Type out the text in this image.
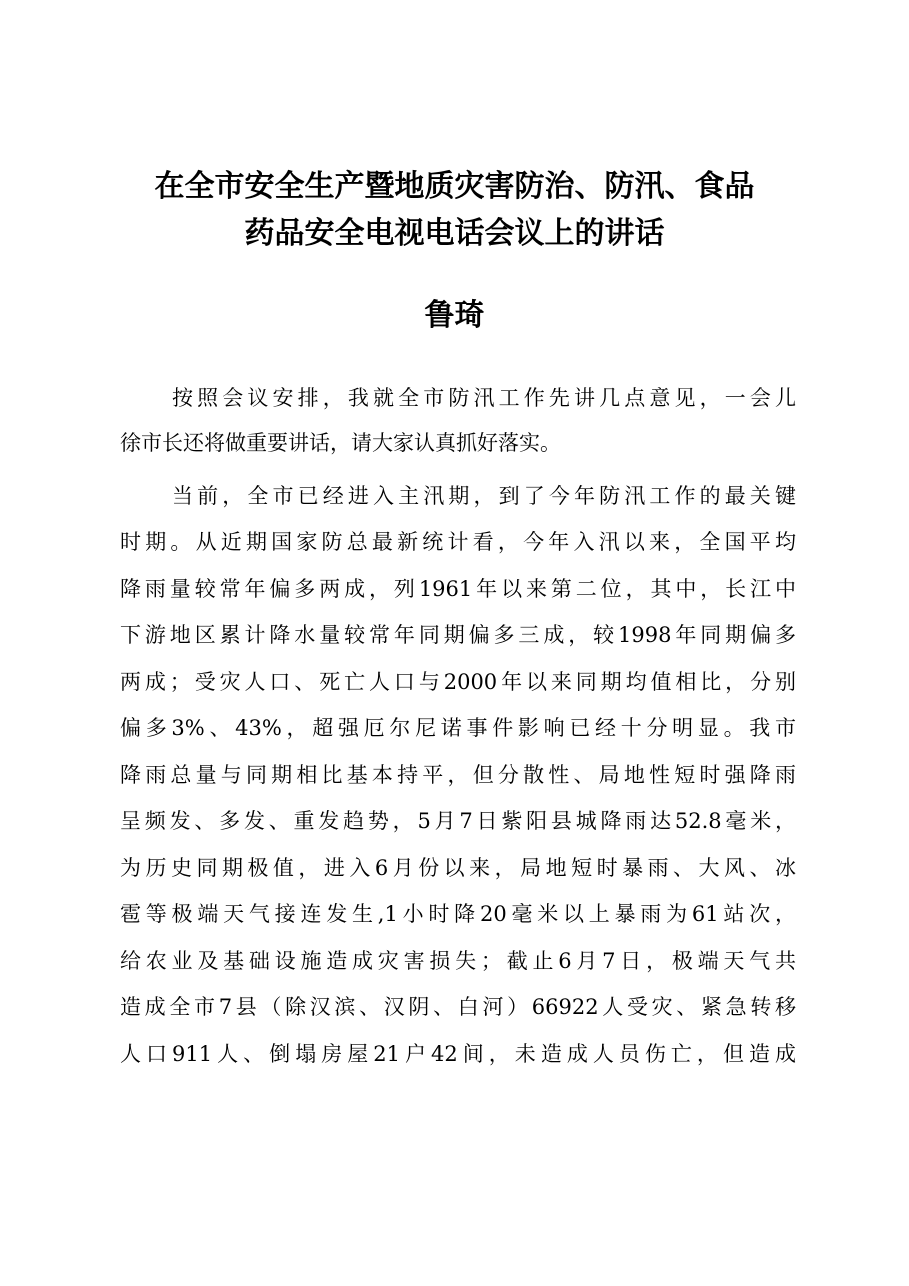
在全市安全生产暨地质灾害防治、防汛、食品
药品安全电视电话会议上的讲话
鲁琦
按照会议安排，我就全市防汛工作先讲几点意见，一会儿
徐市长还将做重要讲话，请大家认真抓好落实。
当前，全市已经进入主汛期，到了今年防汛工作的最关键
时期。从近期国家防总最新统计看，今年入汛以来，全国平均
降雨量较常年偏多两成，列1961年以来第二位，其中，长江中
下游地区累计降水量较常年同期偏多三成，较1998年同期偏多
两成；受灾人口、死亡人口与2000年以来同期均值相比，分别
偏多3%、43%，超强厄尔尼诺事件影响已经十分明显。我市
降雨总量与同期相比基本持平，但分散性、局地性短时强降雨
呈频发、多发、重发趋势，5月7日紫阳县城降雨达52.8毫米，
为历史同期极值，进入6月份以来，局地短时暴雨、大风、冰
雹等极端天气接连发生,1小时降20毫米以上暴雨为61站次，
给农业及基础设施造成灾害损失；截止6月7日，极端天气共
造成全市7县（除汉滨、汉阴、白河）66922人受灾、紧急转移
人口911人、倒塌房屋21户42间，未造成人员伤亡，但造成
